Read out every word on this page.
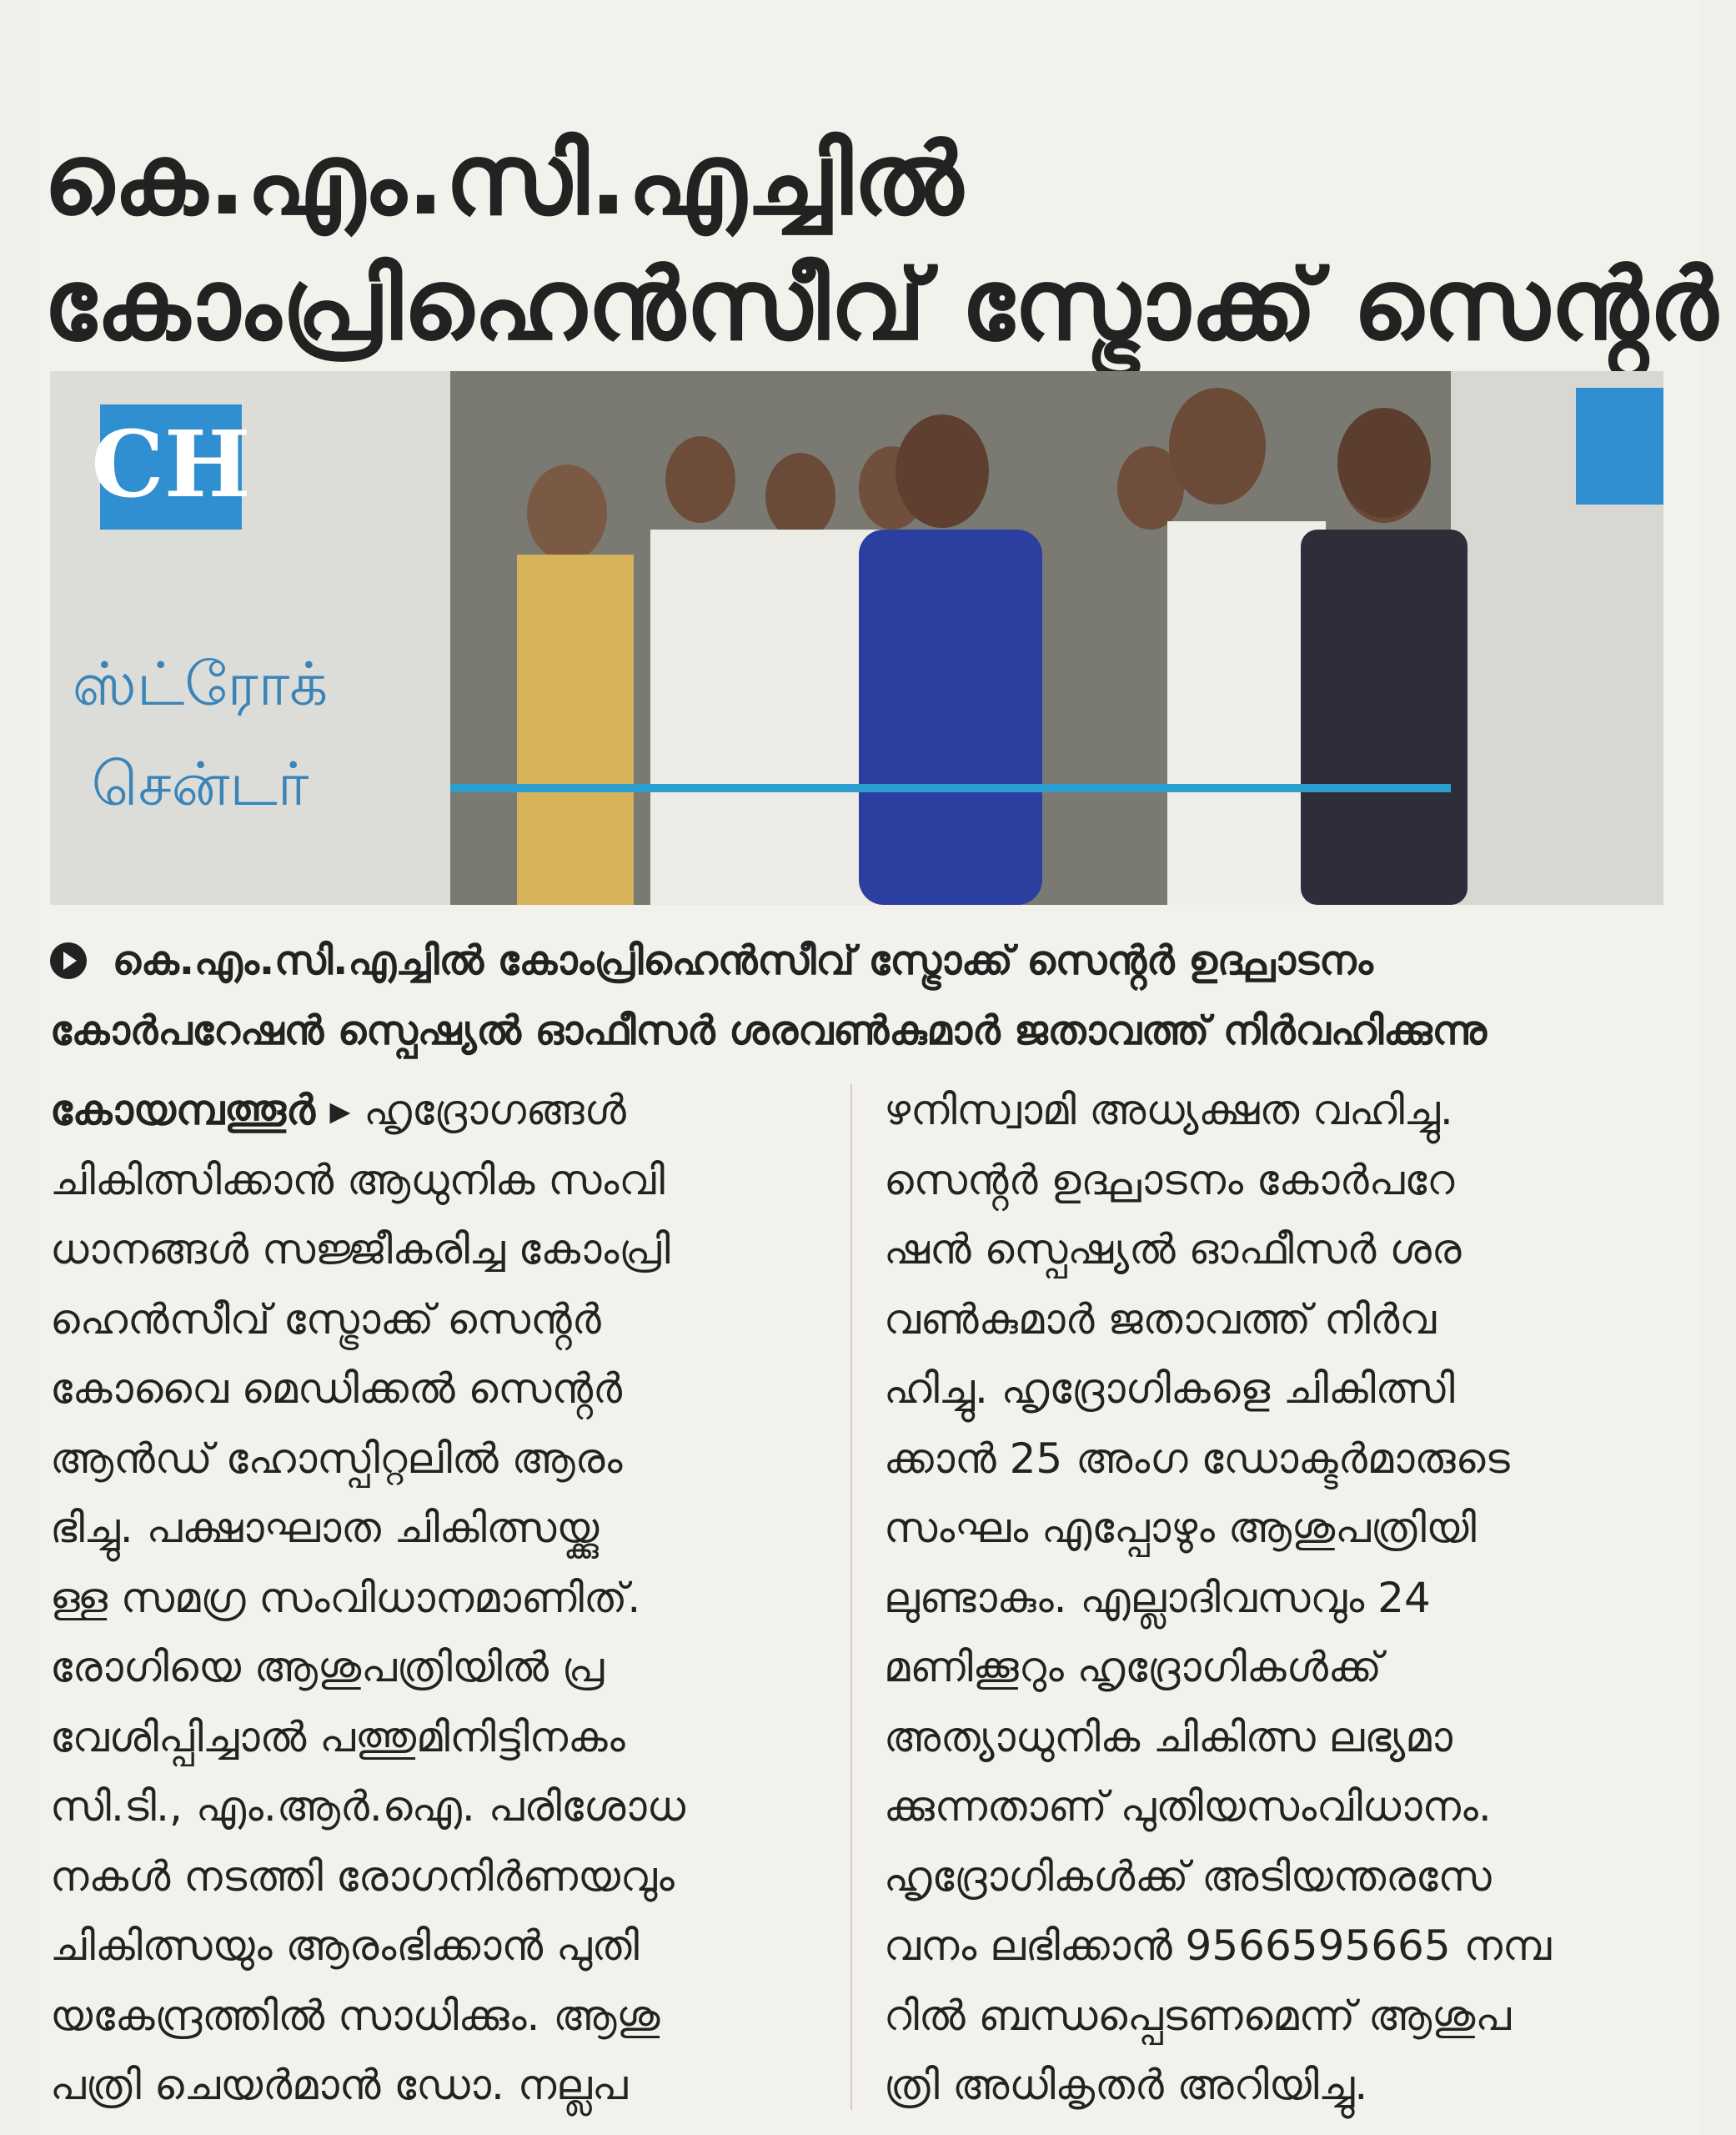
കെ.എം.സി.എച്ചിൽ
കോംപ്രിഹെൻസീവ് സ്ട്രോക്ക് സെൻ്റർ
CH
ஸ்ட்ரோக்
சென்டர்
കെ.എം.സി.എച്ചിൽ കോംപ്രിഹെൻസീവ് സ്ട്രോക്ക് സെൻ്റർ ഉദ്ഘാടനം
കോർപറേഷൻ സ്പെഷ്യൽ ഓഫീസർ ശരവൺകുമാർ ജതാവത്ത് നിർവഹിക്കുന്നു
കോയമ്പത്തൂർ ▸ ഹൃദ്രോഗങ്ങൾ
ചികിത്സിക്കാൻ ആധുനിക സംവി
ധാനങ്ങൾ സജ്ജീകരിച്ച കോംപ്രി
ഹെൻസീവ് സ്ട്രോക്ക് സെൻ്റർ
കോവൈ മെഡിക്കൽ സെൻ്റർ
ആൻഡ് ഹോസ്പിറ്റലിൽ ആരം
ഭിച്ചു. പക്ഷാഘാത ചികിത്സയ്ക്കു
ള്ള സമഗ്ര സംവിധാനമാണിത്.
രോഗിയെ ആശുപത്രിയിൽ പ്ര
വേശിപ്പിച്ചാൽ പത്തുമിനിട്ടിനകം
സി.ടി., എം.ആർ.ഐ. പരിശോധ
നകൾ നടത്തി രോഗനിർണയവും
ചികിത്സയും ആരംഭിക്കാൻ പുതി
യകേന്ദ്രത്തിൽ സാധിക്കും. ആശു
പത്രി ചെയർമാൻ ഡോ. നല്ലപ
ഴനിസ്വാമി അധ്യക്ഷത വഹിച്ചു.
സെൻ്റർ ഉദ്ഘാടനം കോർപറേ
ഷൻ സ്പെഷ്യൽ ഓഫീസർ ശര
വൺകുമാർ ജതാവത്ത് നിർവ
ഹിച്ചു. ഹൃദ്രോഗികളെ ചികിത്സി
ക്കാൻ 25 അംഗ ഡോക്ടർമാരുടെ
സംഘം എപ്പോഴും ആശുപത്രിയി
ലുണ്ടാകും. എല്ലാദിവസവും 24
മണിക്കൂറും ഹൃദ്രോഗികൾക്ക്
അത്യാധുനിക ചികിത്സ ലഭ്യമാ
ക്കുന്നതാണ് പുതിയസംവിധാനം.
ഹൃദ്രോഗികൾക്ക് അടിയന്തരസേ
വനം ലഭിക്കാൻ 9566595665 നമ്പ
റിൽ ബന്ധപ്പെടണമെന്ന് ആശുപ
ത്രി അധികൃതർ അറിയിച്ചു.
